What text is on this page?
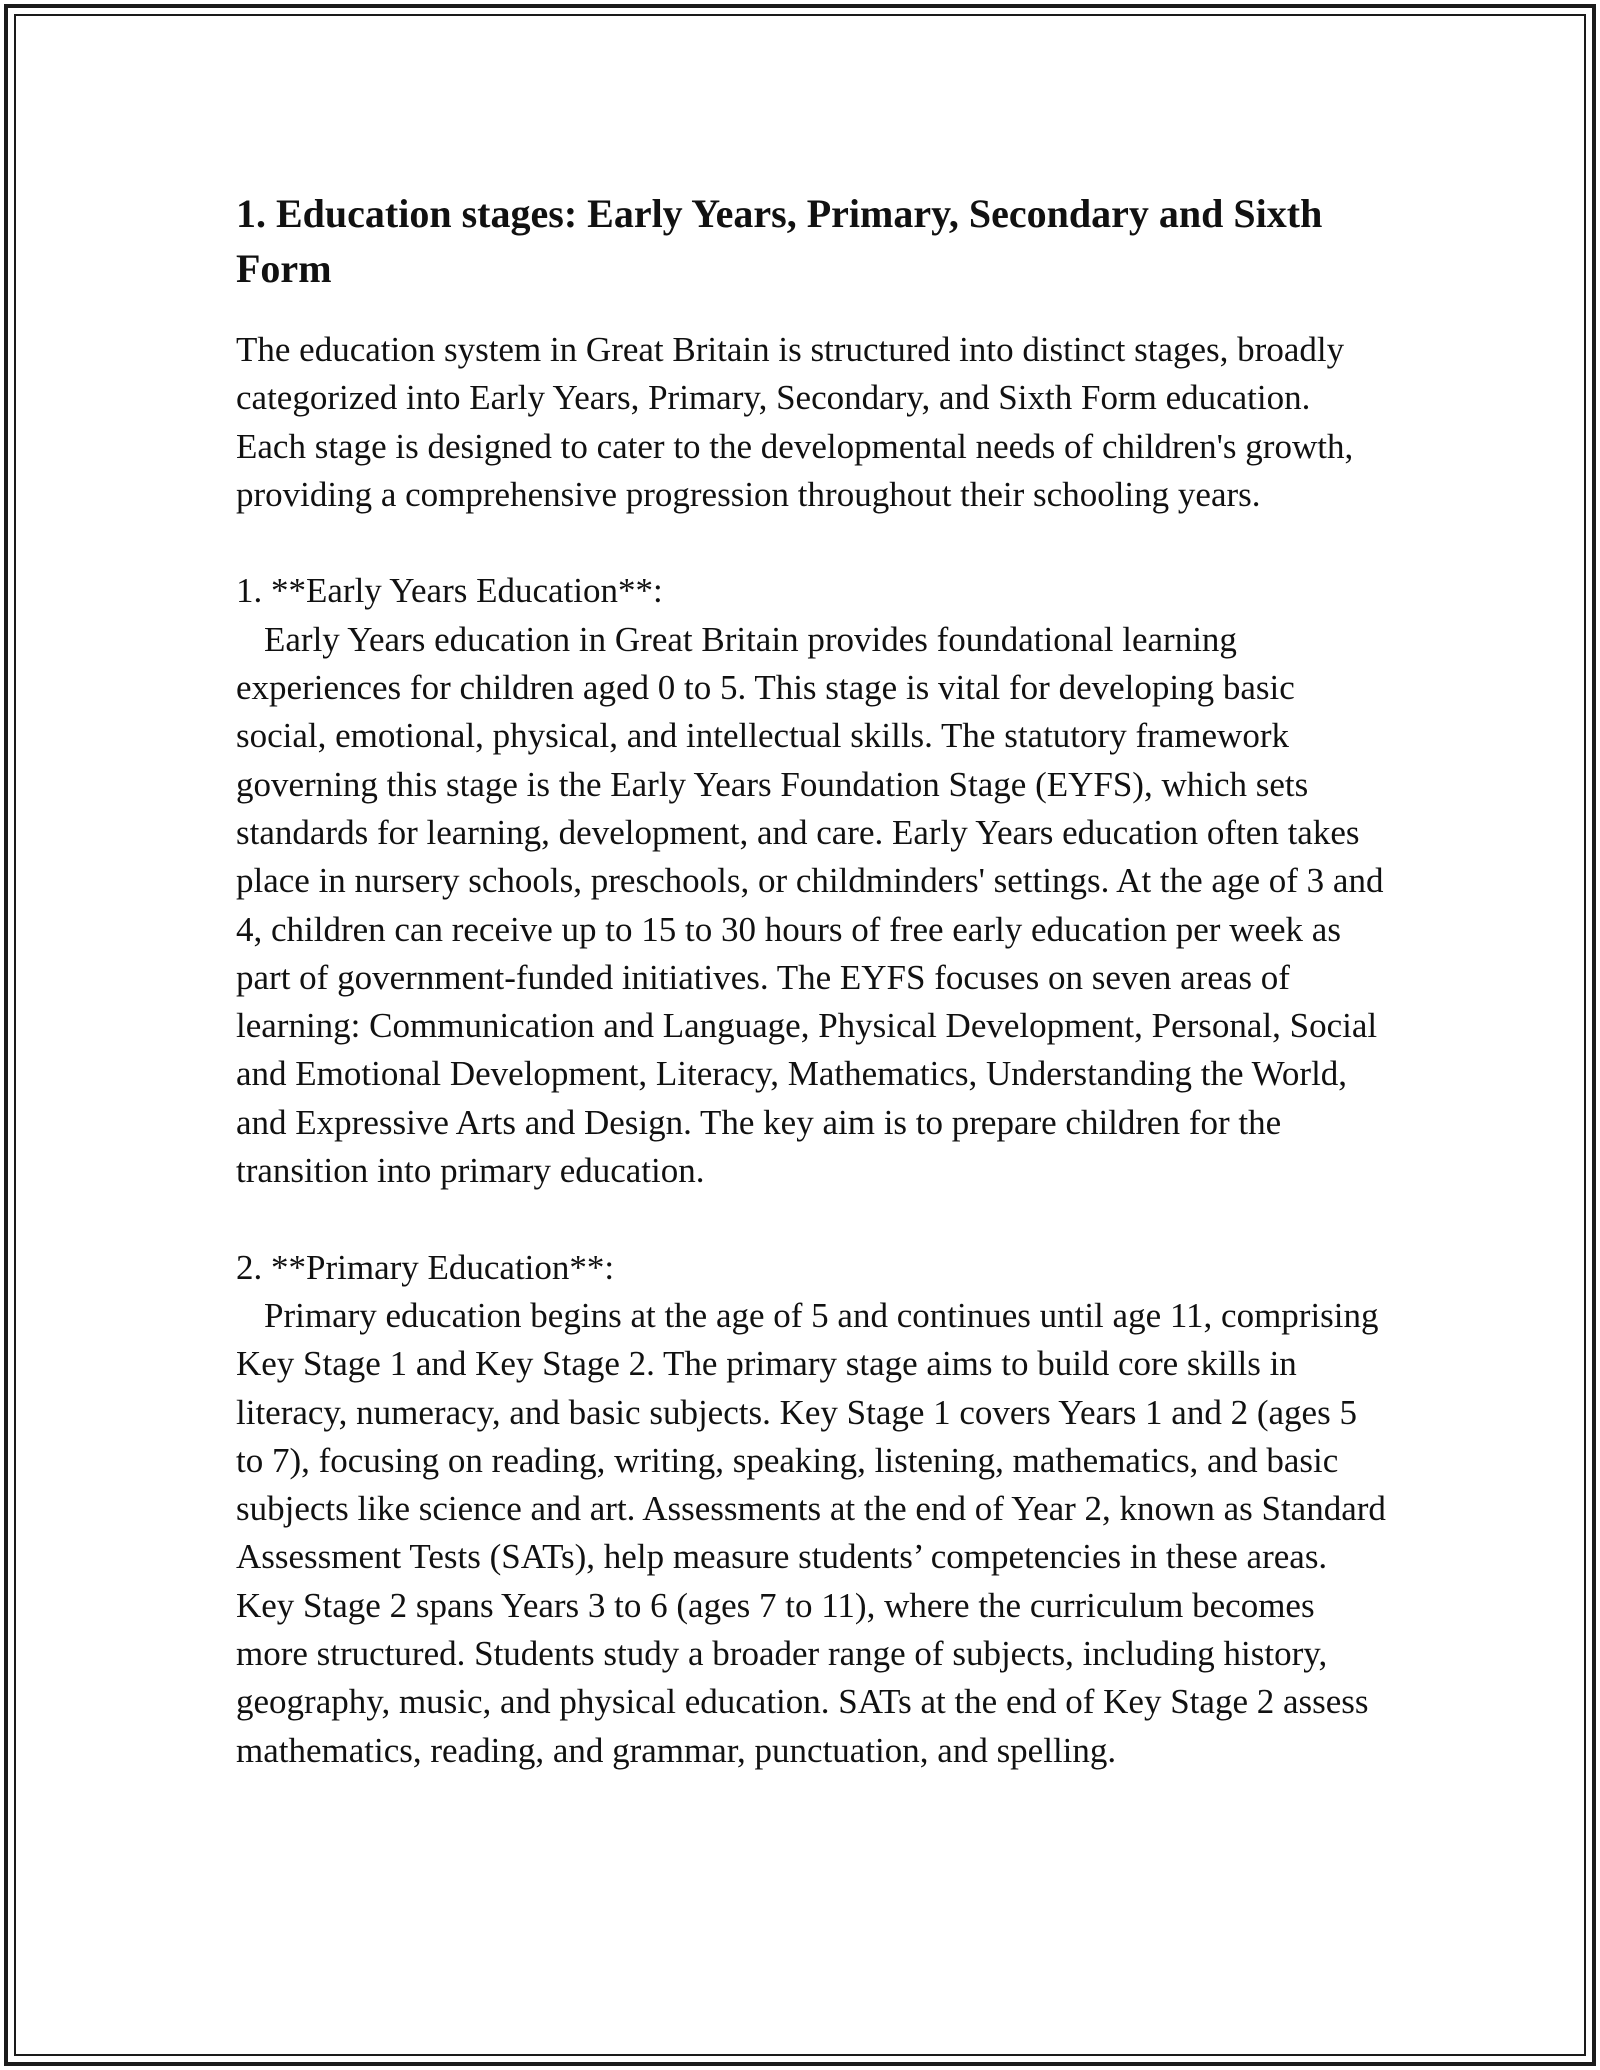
1. Education stages: Early Years, Primary, Secondary and Sixth Form

The education system in Great Britain is structured into distinct stages, broadly categorized into Early Years, Primary, Secondary, and Sixth Form education. Each stage is designed to cater to the developmental needs of children's growth, providing a comprehensive progression throughout their schooling years.

1. **Early Years Education**:

Early Years education in Great Britain provides foundational learning experiences for children aged 0 to 5. This stage is vital for developing basic social, emotional, physical, and intellectual skills. The statutory framework governing this stage is the Early Years Foundation Stage (EYFS), which sets standards for learning, development, and care. Early Years education often takes place in nursery schools, preschools, or childminders' settings. At the age of 3 and 4, children can receive up to 15 to 30 hours of free early education per week as part of government-funded initiatives. The EYFS focuses on seven areas of learning: Communication and Language, Physical Development, Personal, Social and Emotional Development, Literacy, Mathematics, Understanding the World, and Expressive Arts and Design. The key aim is to prepare children for the transition into primary education.

2. **Primary Education**:

Primary education begins at the age of 5 and continues until age 11, comprising Key Stage 1 and Key Stage 2. The primary stage aims to build core skills in literacy, numeracy, and basic subjects. Key Stage 1 covers Years 1 and 2 (ages 5 to 7), focusing on reading, writing, speaking, listening, mathematics, and basic subjects like science and art. Assessments at the end of Year 2, known as Standard Assessment Tests (SATs), help measure students’ competencies in these areas. Key Stage 2 spans Years 3 to 6 (ages 7 to 11), where the curriculum becomes more structured. Students study a broader range of subjects, including history, geography, music, and physical education. SATs at the end of Key Stage 2 assess mathematics, reading, and grammar, punctuation, and spelling.
